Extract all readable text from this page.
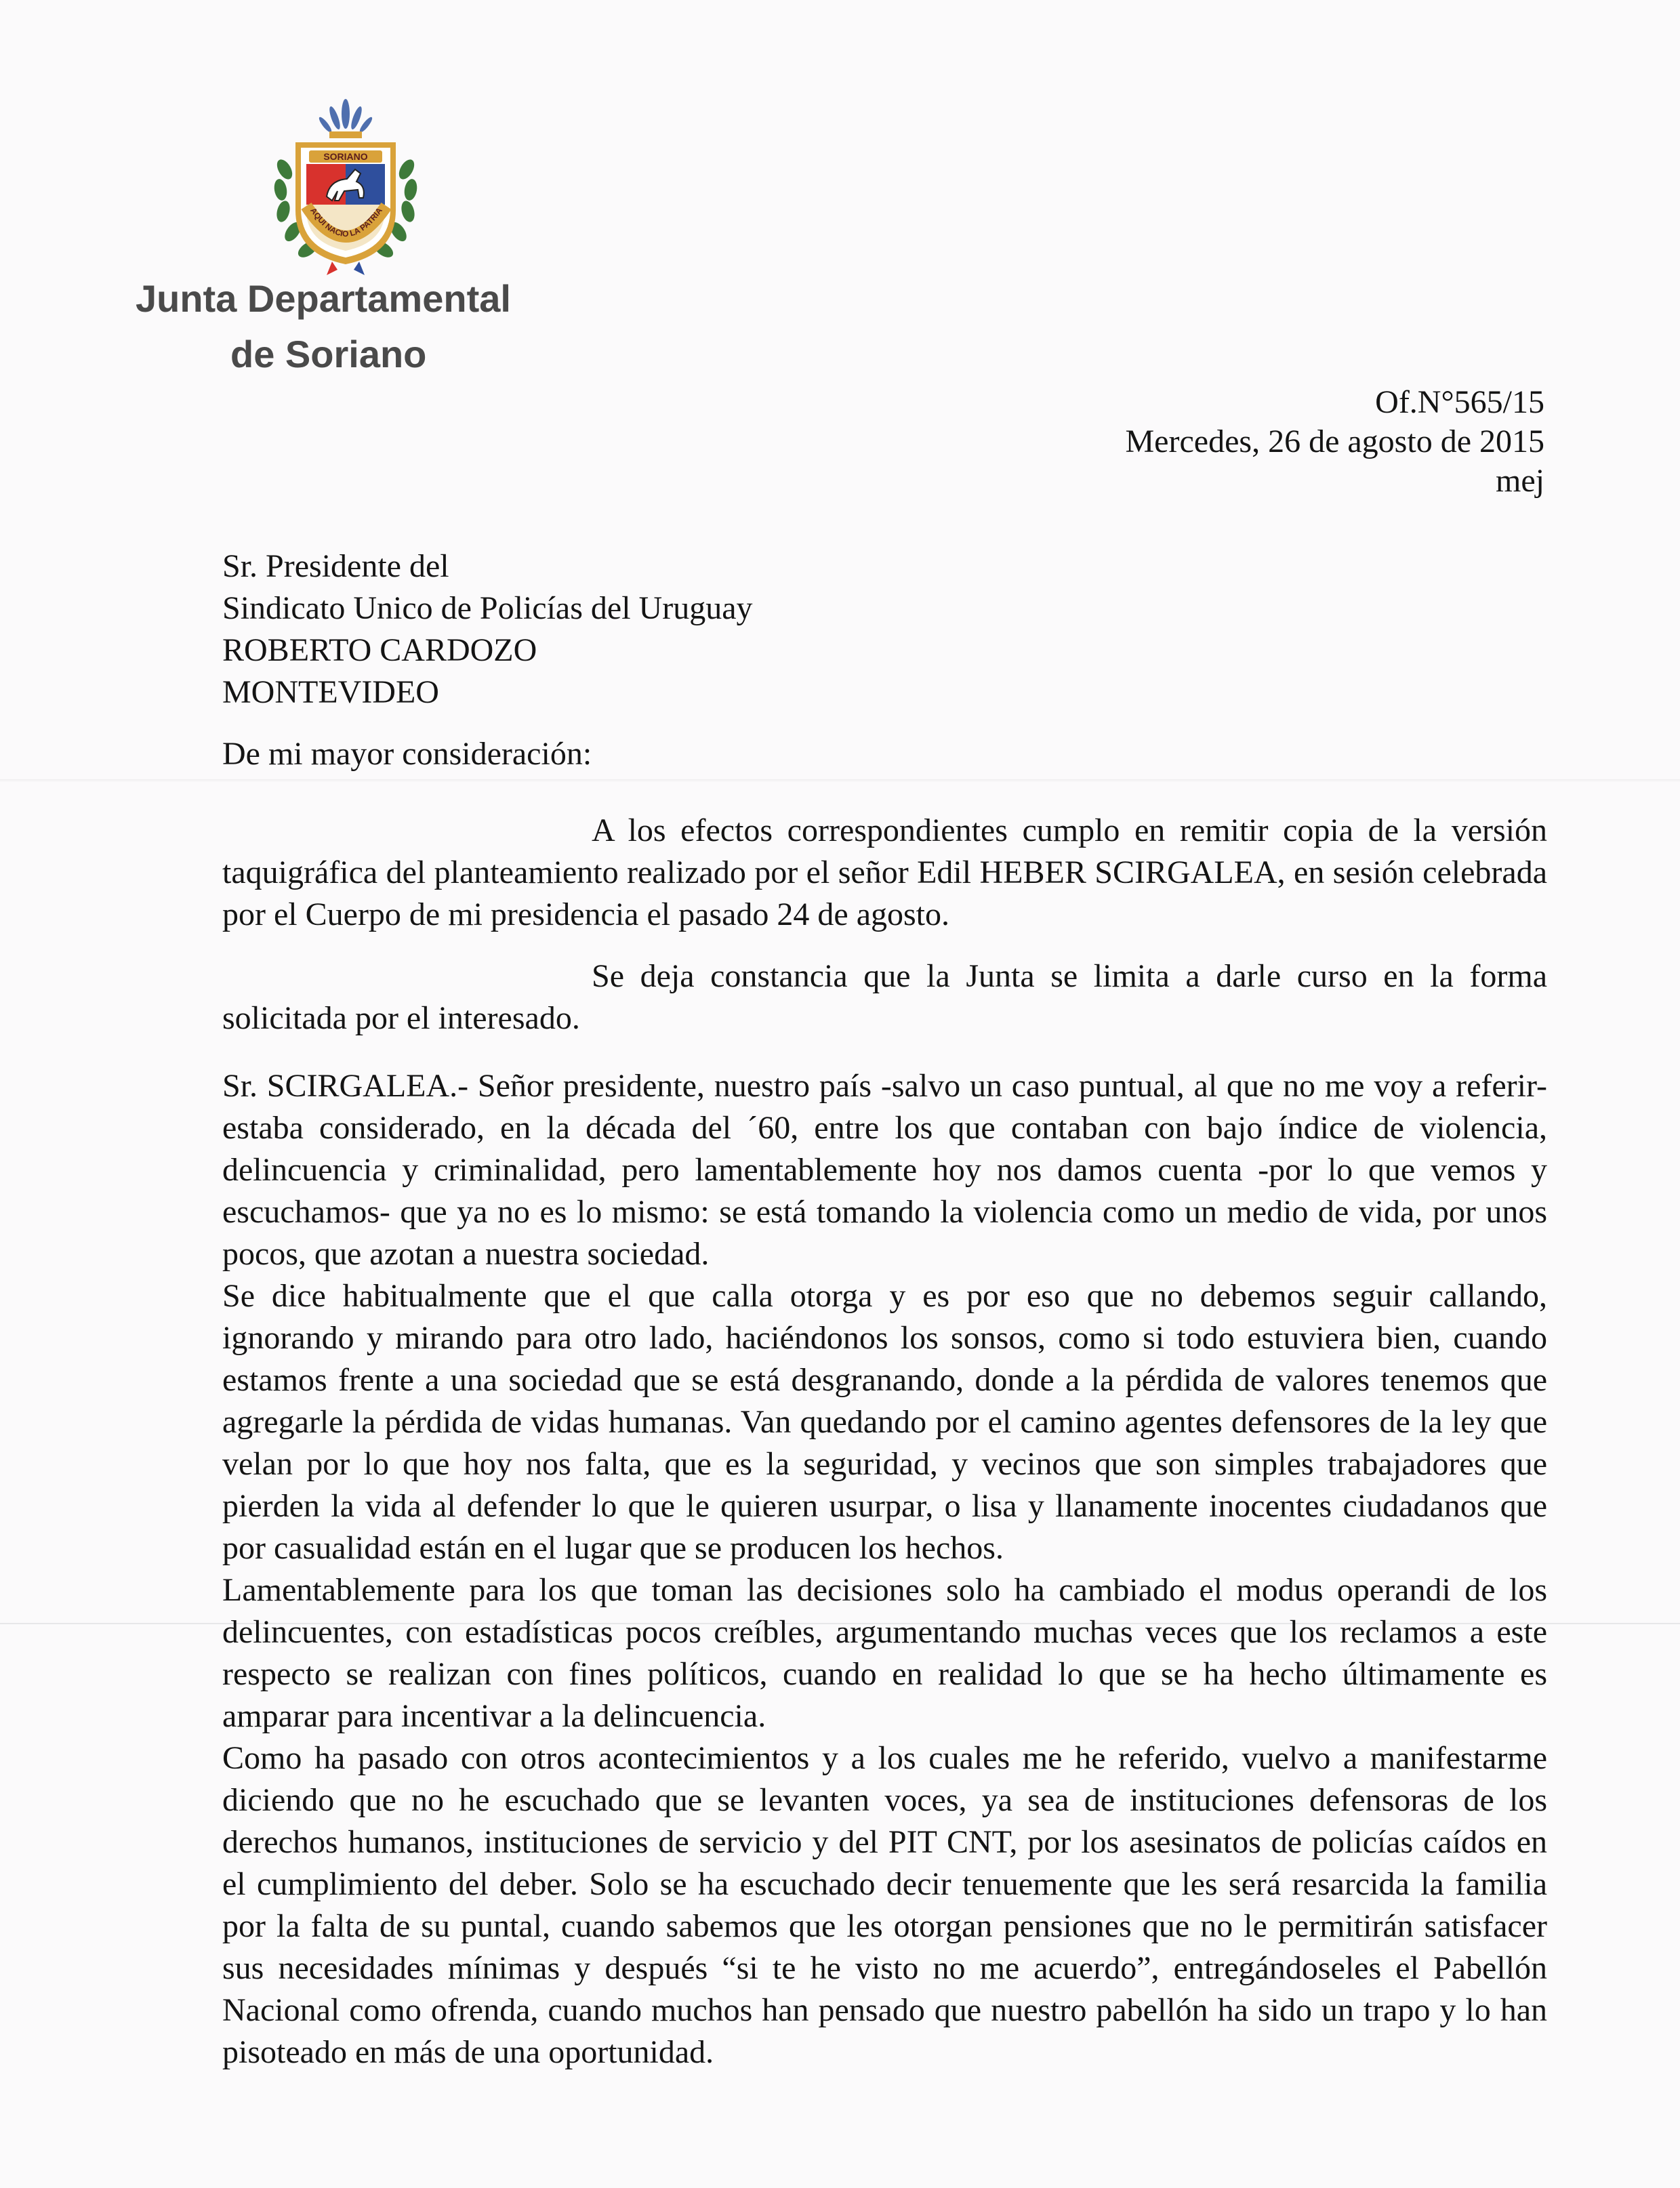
SORIANO
AQUI NACIO LA PATRIA
Junta Departamental
de Soriano
Of.N°565/15
Mercedes, 26 de agosto de 2015
mej
Sr. Presidente del
Sindicato Unico de Policías del Uruguay
ROBERTO CARDOZO
MONTEVIDEO
De mi mayor consideración:

A los efectos correspondientes cumplo en remitir copia de la versión taquigráfica del planteamiento realizado por el señor Edil HEBER SCIRGALEA, en sesión celebrada por el Cuerpo de mi presidencia el pasado 24 de agosto.

Se deja constancia que la Junta se limita a darle curso en la forma solicitada por el interesado.

Sr. SCIRGALEA.- Señor presidente, nuestro país -salvo un caso puntual, al que no me voy a referir- estaba considerado, en la década del ´60, entre los que contaban con bajo índice de violencia, delincuencia y criminalidad, pero lamentablemente hoy nos damos cuenta -por lo que vemos y escuchamos- que ya no es lo mismo: se está tomando la violencia como un medio de vida, por unos pocos, que azotan a nuestra sociedad.

Se dice habitualmente que el que calla otorga y es por eso que no debemos seguir callando, ignorando y mirando para otro lado, haciéndonos los sonsos, como si todo estuviera bien, cuando estamos frente a una sociedad que se está desgranando, donde a la pérdida de valores tenemos que agregarle la pérdida de vidas humanas. Van quedando por el camino agentes defensores de la ley que velan por lo que hoy nos falta, que es la seguridad, y vecinos que son simples trabajadores que pierden la vida al defender lo que le quieren usurpar, o lisa y llanamente inocentes ciudadanos que por casualidad están en el lugar que se producen los hechos.

Lamentablemente para los que toman las decisiones solo ha cambiado el modus operandi de los delincuentes, con estadísticas pocos creíbles, argumentando muchas veces que los reclamos a este respecto se realizan con fines políticos, cuando en realidad lo que se ha hecho últimamente es amparar para incentivar a la delincuencia.

Como ha pasado con otros acontecimientos y a los cuales me he referido, vuelvo a manifestarme diciendo que no he escuchado que se levanten voces, ya sea de instituciones defensoras de los derechos humanos, instituciones de servicio y del PIT CNT, por los asesinatos de policías caídos en el cumplimiento del deber. Solo se ha escuchado decir tenuemente que les será resarcida la familia por la falta de su puntal, cuando sabemos que les otorgan pensiones que no le permitirán satisfacer sus necesidades mínimas y después “si te he visto no me acuerdo”, entregándoseles el Pabellón Nacional como ofrenda, cuando muchos han pensado que nuestro pabellón ha sido un trapo y lo han pisoteado en más de una oportunidad.
